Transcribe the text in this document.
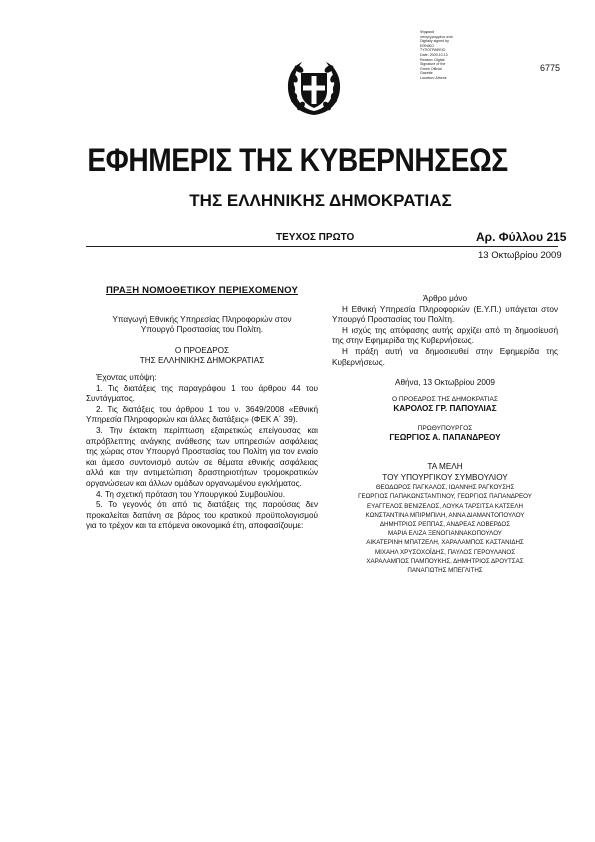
Ψηφιακά
υπογεγραμμένο από
Digitally signed by
ΕΘΝΙΚΟ
ΤΥΠΟΓΡΑΦΕΙΟ
Date: 2009.10.13
Reason: Digital
Signature of the
Greek Official
Gazette
Location: Athens
6775
ΕΦΗΜΕΡΙΣ ΤΗΣ ΚΥΒΕΡΝΗΣΕΩΣ
ΤΗΣ ΕΛΛΗΝΙΚΗΣ ΔΗΜΟΚΡΑΤΙΑΣ
ΤΕΥΧΟΣ ΠΡΩΤΟ	Αρ. Φύλλου 215
13 Οκτωβρίου 2009
ΠΡΑΞΗ ΝΟΜΟΘΕΤΙΚΟΥ ΠΕΡΙΕΧΟΜΕΝΟΥ
Υπαγωγή Εθνικής Υπηρεσίας Πληροφοριών στον Υπουργό Προστασίας του Πολίτη.
Ο ΠΡΟΕΔΡΟΣ
ΤΗΣ ΕΛΛΗΝΙΚΗΣ ΔΗΜΟΚΡΑΤΙΑΣ
Έχοντας υπόψη:
1. Τις διατάξεις της παραγράφου 1 του άρθρου 44 του Συντάγματος.
2. Τις διατάξεις του άρθρου 1 του ν. 3649/2008 «Εθνική Υπηρεσία Πληροφοριών και άλλες διατάξεις» (ΦΕΚ Α΄ 39).
3. Την έκτακτη περίπτωση εξαιρετικώς επείγουσας και απρόβλεπτης ανάγκης ανάθεσης των υπηρεσιών ασφάλειας της χώρας στον Υπουργό Προστασίας του Πολίτη για τον ενιαίο και άμεσο συντονισμό αυτών σε θέματα εθνικής ασφάλειας αλλά και την αντιμετώπιση δραστηριοτήτων τρομοκρατικών οργανώσεων και άλλων ομάδων οργανωμένου εγκλήματος.
4. Τη σχετική πρόταση του Υπουργικού Συμβουλίου.
5. Το γεγονός ότι από τις διατάξεις της παρούσας δεν προκαλείται δαπάνη σε βάρος του κρατικού προϋπολογισμού για το τρέχον και τα επόμενα οικονομικά έτη, αποφασίζουμε:
Άρθρο μόνο
Η Εθνική Υπηρεσία Πληροφοριών (Ε.Υ.Π.) υπάγεται στον Υπουργό Προστασίας του Πολίτη.
Η ισχύς της απόφασης αυτής αρχίζει από τη δημοσίευσή της στην Εφημερίδα της Κυβερνήσεως.
Η πράξη αυτή να δημοσιευθεί στην Εφημερίδα της Κυβερνήσεως.
Αθήνα, 13 Οκτωβρίου 2009
Ο ΠΡΟΕΔΡΟΣ ΤΗΣ ΔΗΜΟΚΡΑΤΙΑΣ
ΚΑΡΟΛΟΣ ΓΡ. ΠΑΠΟΥΛΙΑΣ
ΠΡΩΘΥΠΟΥΡΓΟΣ
ΓΕΩΡΓΙΟΣ Α. ΠΑΠΑΝΔΡΕΟΥ
ΤΑ ΜΕΛΗ
ΤΟΥ ΥΠΟΥΡΓΙΚΟΥ ΣΥΜΒΟΥΛΙΟΥ
ΘΕΟΔΩΡΟΣ ΠΑΓΚΑΛΟΣ, ΙΩΑΝΝΗΣ ΡΑΓΚΟΥΣΗΣ
ΓΕΩΡΓΙΟΣ ΠΑΠΑΚΩΝΣΤΑΝΤΙΝΟΥ, ΓΕΩΡΓΙΟΣ ΠΑΠΑΝΔΡΕΟΥ
ΕΥΑΓΓΕΛΟΣ ΒΕΝΙΖΕΛΟΣ, ΛΟΥΚΑ ΤΑΡΣΙΤΣΑ ΚΑΤΣΕΛΗ
ΚΩΝΣΤΑΝΤΙΝΑ ΜΠΙΡΜΠΙΛΗ, ΑΝΝΑ ΔΙΑΜΑΝΤΟΠΟΥΛΟΥ
ΔΗΜΗΤΡΙΟΣ ΡΕΠΠΑΣ, ΑΝΔΡΕΑΣ ΛΟΒΕΡΔΟΣ
ΜΑΡΙΑ ΕΛΙΖΑ ΞΕΝΟΓΙΑΝΝΑΚΟΠΟΥΛΟΥ
ΑΙΚΑΤΕΡΙΝΗ ΜΠΑΤΖΕΛΗ, ΧΑΡΑΛΑΜΠΟΣ ΚΑΣΤΑΝΙΔΗΣ
ΜΙΧΑΗΛ ΧΡΥΣΟΧΟΪΔΗΣ, ΠΑΥΛΟΣ ΓΕΡΟΥΛΑΝΟΣ
ΧΑΡΑΛΑΜΠΟΣ ΠΑΜΠΟΥΚΗΣ, ΔΗΜΗΤΡΙΟΣ ΔΡΟΥΤΣΑΣ
ΠΑΝΑΓΙΩΤΗΣ ΜΠΕΓΛΙΤΗΣ
